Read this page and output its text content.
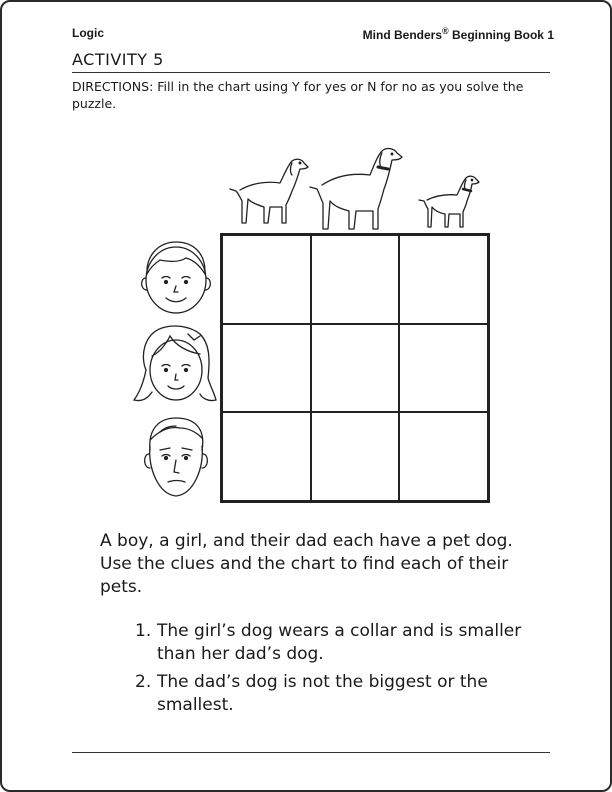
Logic	Mind Benders® Beginning Book 1
ACTIVITY 5
DIRECTIONS: Fill in the chart using Y for yes or N for no as you solve the puzzle.
A boy, a girl, and their dad each have a pet dog. Use the clues and the chart to find each of their pets.
1. The girl’s dog wears a collar and is smaller than her dad’s dog.
2. The dad’s dog is not the biggest or the smallest.
